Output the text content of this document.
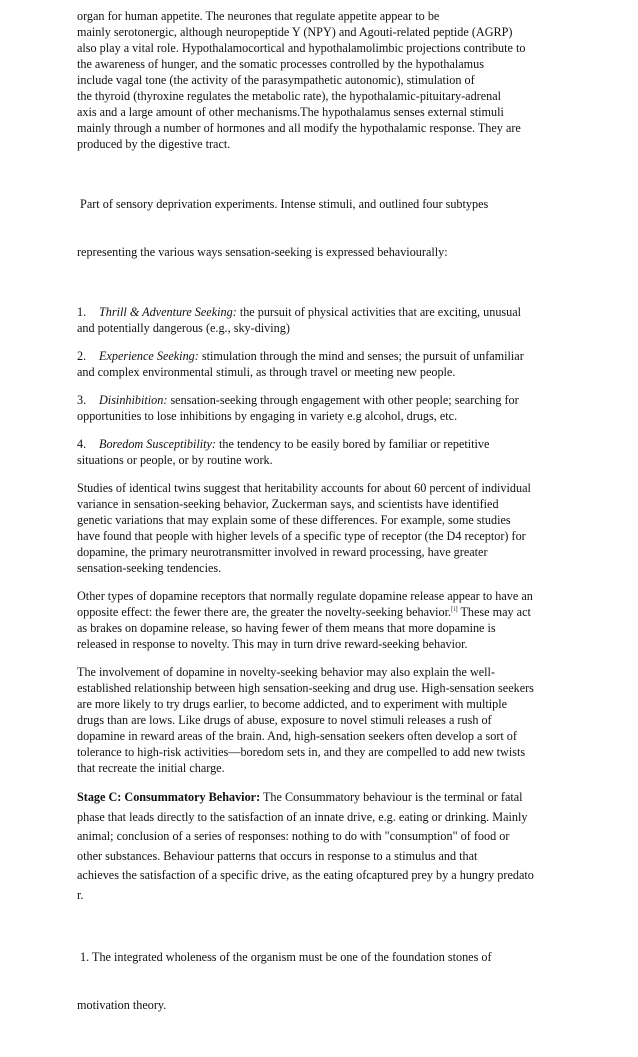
organ for human appetite. The neurones that regulate appetite appear to be
mainly serotonergic, although neuropeptide Y (NPY) and Agouti-related peptide (AGRP)
also play a vital role. Hypothalamocortical and hypothalamolimbic projections contribute to
the awareness of hunger, and the somatic processes controlled by the hypothalamus
include vagal tone (the activity of the parasympathetic autonomic), stimulation of
the thyroid (thyroxine regulates the metabolic rate), the hypothalamic-pituitary-adrenal
axis and a large amount of other mechanisms.The hypothalamus senses external stimuli
mainly through a number of hormones and all modify the hypothalamic response. They are
produced by the digestive tract.

Part of sensory deprivation experiments. Intense stimuli, and outlined four subtypes

representing the various ways sensation-seeking is expressed behaviourally:

1. Thrill & Adventure Seeking: the pursuit of physical activities that are exciting, unusual
and potentially dangerous (e.g., sky-diving)

2. Experience Seeking: stimulation through the mind and senses; the pursuit of unfamiliar
and complex environmental stimuli, as through travel or meeting new people.

3. Disinhibition: sensation-seeking through engagement with other people; searching for
opportunities to lose inhibitions by engaging in variety e.g alcohol, drugs, etc.

4. Boredom Susceptibility: the tendency to be easily bored by familiar or repetitive
situations or people, or by routine work.

Studies of identical twins suggest that heritability accounts for about 60 percent of individual
variance in sensation-seeking behavior, Zuckerman says, and scientists have identified
genetic variations that may explain some of these differences. For example, some studies
have found that people with higher levels of a specific type of receptor (the D4 receptor) for
dopamine, the primary neurotransmitter involved in reward processing, have greater
sensation-seeking tendencies.

Other types of dopamine receptors that normally regulate dopamine release appear to have an
opposite effect: the fewer there are, the greater the novelty-seeking behavior.[i] These may act
as brakes on dopamine release, so having fewer of them means that more dopamine is
released in response to novelty. This may in turn drive reward-seeking behavior.

The involvement of dopamine in novelty-seeking behavior may also explain the well-
established relationship between high sensation-seeking and drug use. High-sensation seekers
are more likely to try drugs earlier, to become addicted, and to experiment with multiple
drugs than are lows. Like drugs of abuse, exposure to novel stimuli releases a rush of
dopamine in reward areas of the brain. And, high-sensation seekers often develop a sort of
tolerance to high-risk activities—boredom sets in, and they are compelled to add new twists
that recreate the initial charge.

Stage C: Consummatory Behavior: The Consummatory behaviour is the terminal or fatal
phase that leads directly to the satisfaction of an innate drive, e.g. eating or drinking. Mainly
animal; conclusion of a series of responses: nothing to do with "consumption" of food or
other substances. Behaviour patterns that occurs in response to a stimulus and that
achieves the satisfaction of a specific drive, as the eating ofcaptured prey by a hungry predato
r.

1. The integrated wholeness of the organism must be one of the foundation stones of

motivation theory.
